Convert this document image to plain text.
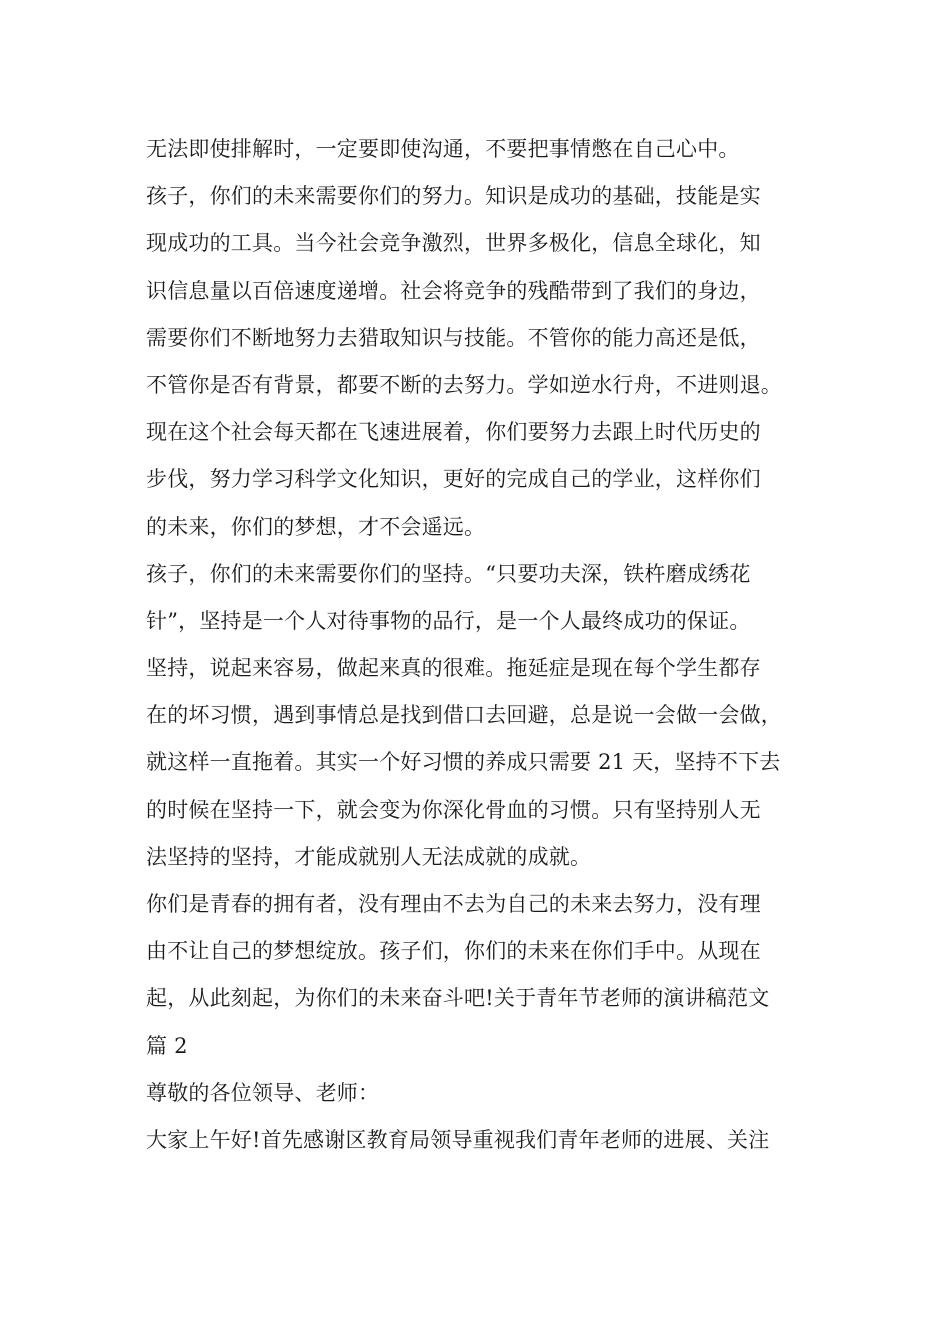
无法即使排解时，一定要即使沟通，不要把事情憋在自己心中。
孩子，你们的未来需要你们的努力。知识是成功的基础，技能是实
现成功的工具。当今社会竞争激烈，世界多极化，信息全球化，知
识信息量以百倍速度递增。社会将竞争的残酷带到了我们的身边，
需要你们不断地努力去猎取知识与技能。不管你的能力高还是低，
不管你是否有背景，都要不断的去努力。学如逆水行舟，不进则退。
现在这个社会每天都在飞速进展着，你们要努力去跟上时代历史的
步伐，努力学习科学文化知识，更好的完成自己的学业，这样你们
的未来，你们的梦想，才不会遥远。
孩子，你们的未来需要你们的坚持。“只要功夫深，铁杵磨成绣花
针”，坚持是一个人对待事物的品行，是一个人最终成功的保证。
坚持，说起来容易，做起来真的很难。拖延症是现在每个学生都存
在的坏习惯，遇到事情总是找到借口去回避，总是说一会做一会做，
就这样一直拖着。其实一个好习惯的养成只需要 21 天，坚持不下去
的时候在坚持一下，就会变为你深化骨血的习惯。只有坚持别人无
法坚持的坚持，才能成就别人无法成就的成就。
你们是青春的拥有者，没有理由不去为自己的未来去努力，没有理
由不让自己的梦想绽放。孩子们，你们的未来在你们手中。从现在
起，从此刻起，为你们的未来奋斗吧!关于青年节老师的演讲稿范文
篇 2
尊敬的各位领导、老师：
大家上午好!首先感谢区教育局领导重视我们青年老师的进展、关注
